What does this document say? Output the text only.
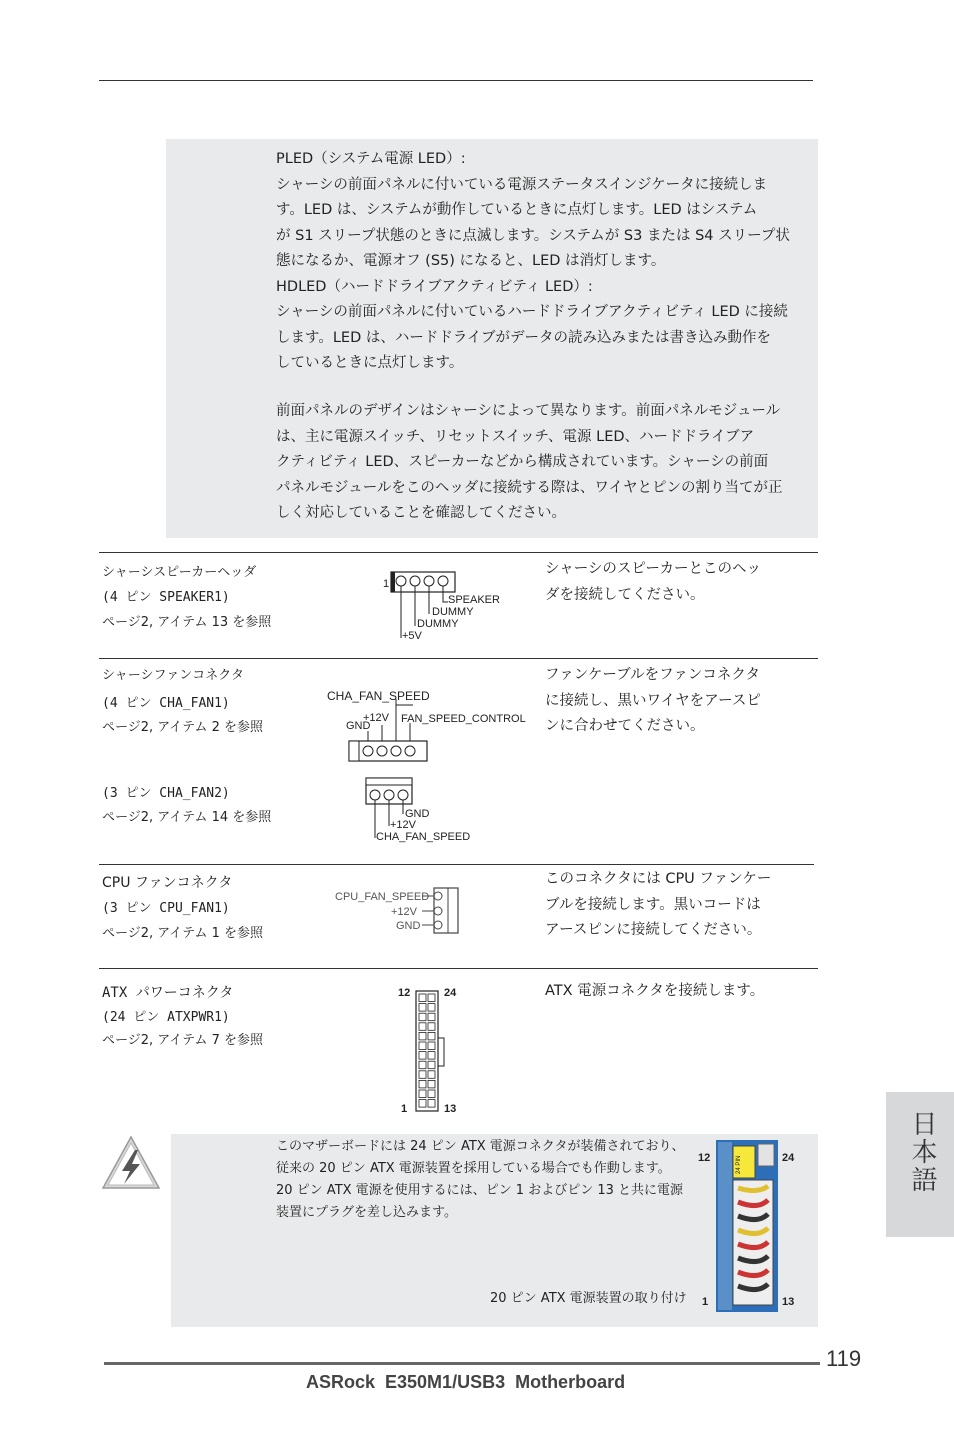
PLED（システム電源 LED）:
シャーシの前面パネルに付いている電源ステータスインジケータに接続しま
す。LED は、システムが動作しているときに点灯します。LED はシステム
が S1 スリープ状態のときに点滅します。システムが S3 または S4 スリープ状
態になるか、電源オフ (S5) になると、LED は消灯します。
HDLED（ハードドライブアクティビティ LED）:
シャーシの前面パネルに付いているハードドライブアクティビティ LED に接続
します。LED は、ハードドライブがデータの読み込みまたは書き込み動作を
しているときに点灯します。
前面パネルのデザインはシャーシによって異なります。前面パネルモジュール
は、主に電源スイッチ、リセットスイッチ、電源 LED、ハードドライブア
クティビティ LED、スピーカーなどから構成されています。シャーシの前面
パネルモジュールをこのヘッダに接続する際は、ワイヤとピンの割り当てが正
しく対応していることを確認してください。
シャーシスピーカーヘッダ
(4 ピン SPEAKER1)
ページ2, アイテム 13 を参照
シャーシのスピーカーとこのヘッ
ダを接続してください。
1
SPEAKER
DUMMY
DUMMY
+5V
シャーシファンコネクタ
(4 ピン CHA_FAN1)
ページ2, アイテム 2 を参照
ファンケーブルをファンコネクタ
に接続し、黒いワイヤをアースピ
ンに合わせてください。
CHA_FAN_SPEED
+12V
GND
FAN_SPEED_CONTROL
(3 ピン CHA_FAN2)
ページ2, アイテム 14 を参照	GND
+12V
CHA_FAN_SPEED
CPU ファンコネクタ
(3 ピン CPU_FAN1)
ページ2, アイテム 1 を参照
このコネクタには CPU ファンケー
ブルを接続します。黒いコードは
アースピンに接続してください。
CPU_FAN_SPEED
+12V
GND
ATX パワーコネクタ
(24 ピン ATXPWR1)
ページ2, アイテム 7 を参照
ATX 電源コネクタを接続します。
12	24
1	13
このマザーボードには 24 ピン ATX 電源コネクタが装備されており、
従来の 20 ピン ATX 電源装置を採用している場合でも作動します。
20 ピン ATX 電源を使用するには、ピン 1 およびピン 13 と共に電源
装置にプラグを差し込みます。
20 ピン ATX 電源装置の取り付け
24 PIN
12	24
1	13
日本語
119
ASRock  E350M1/USB3  Motherboard
